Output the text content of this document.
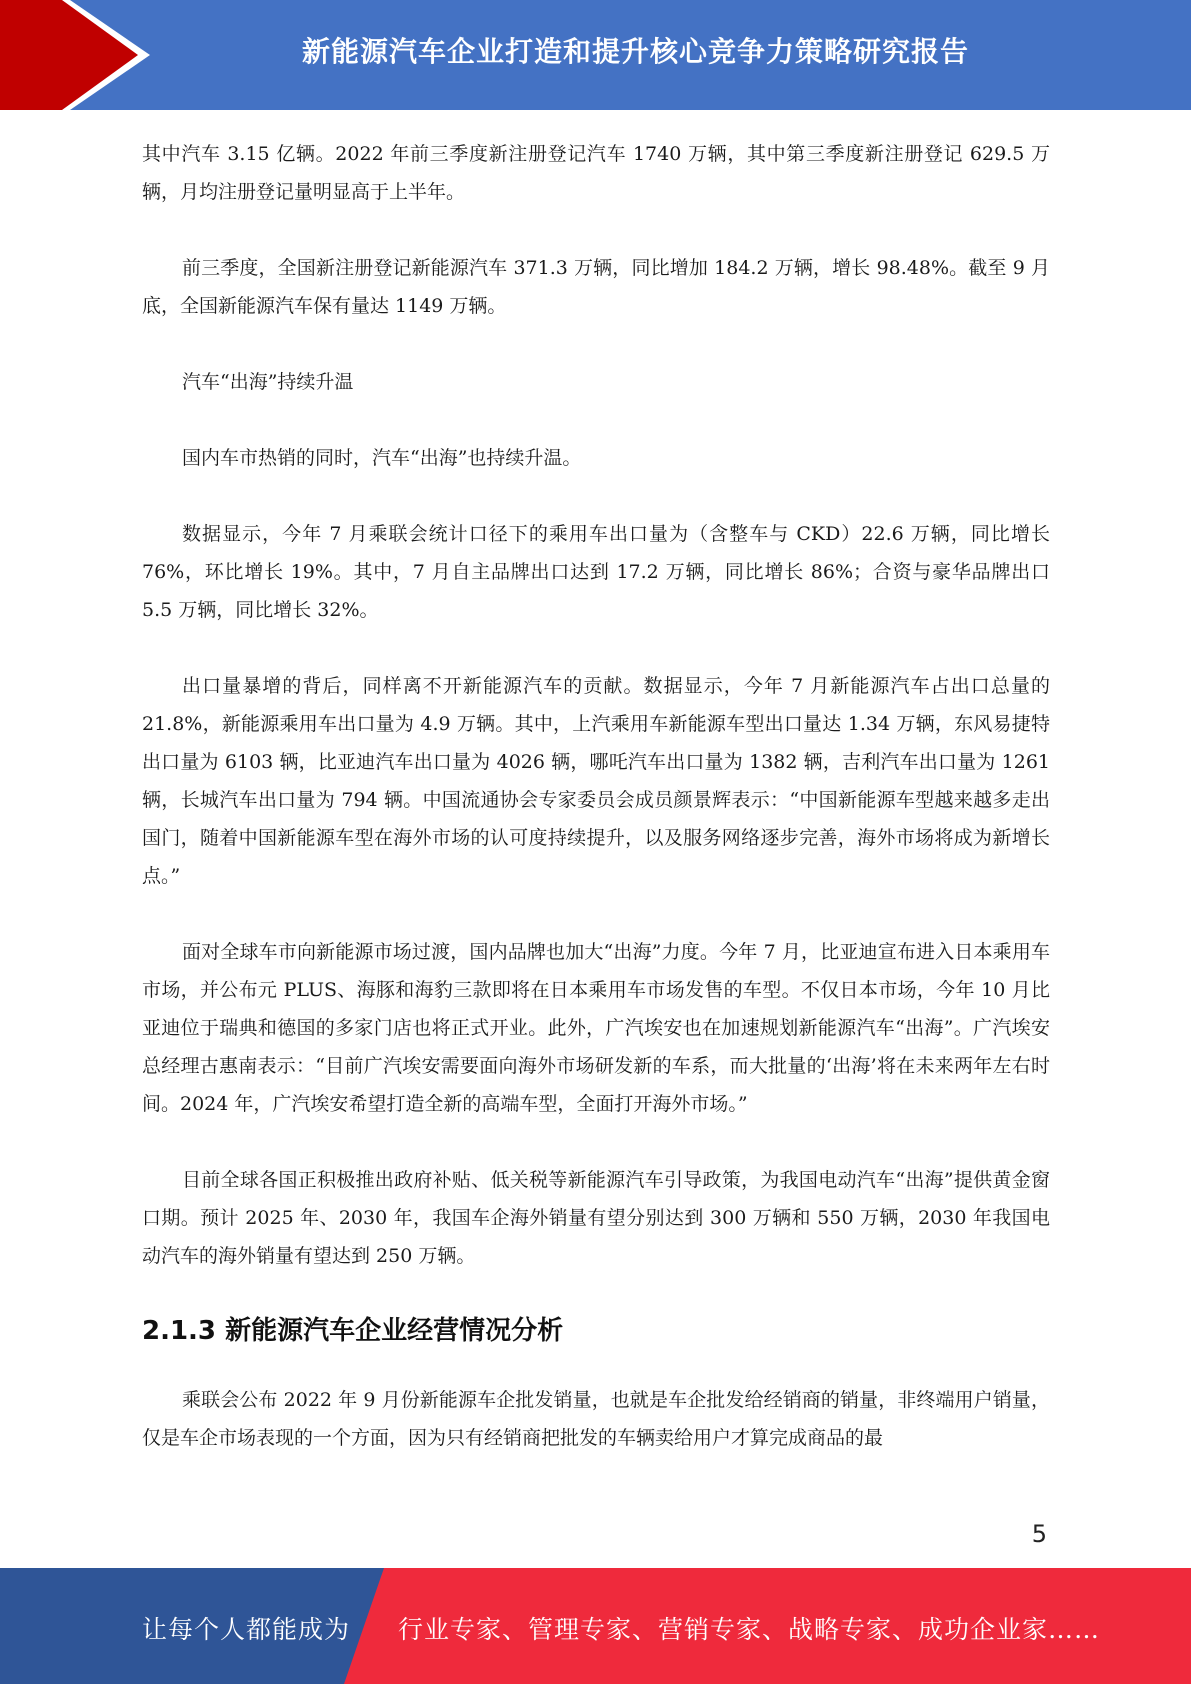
新能源汽车企业打造和提升核心竞争力策略研究报告

其中汽车 3.15 亿辆。2022 年前三季度新注册登记汽车 1740 万辆，其中第三季度新注册登记 629.5 万辆，月均注册登记量明显高于上半年。

前三季度，全国新注册登记新能源汽车 371.3 万辆，同比增加 184.2 万辆，增长 98.48%。截至 9 月底，全国新能源汽车保有量达 1149 万辆。

汽车“出海”持续升温

国内车市热销的同时，汽车“出海”也持续升温。

数据显示，今年 7 月乘联会统计口径下的乘用车出口量为（含整车与 CKD）22.6 万辆，同比增长 76%，环比增长 19%。其中，7 月自主品牌出口达到 17.2 万辆，同比增长 86%；合资与豪华品牌出口 5.5 万辆，同比增长 32%。

出口量暴增的背后，同样离不开新能源汽车的贡献。数据显示，今年 7 月新能源汽车占出口总量的 21.8%，新能源乘用车出口量为 4.9 万辆。其中，上汽乘用车新能源车型出口量达 1.34 万辆，东风易捷特出口量为 6103 辆，比亚迪汽车出口量为 4026 辆，哪吒汽车出口量为 1382 辆，吉利汽车出口量为 1261 辆，长城汽车出口量为 794 辆。中国流通协会专家委员会成员颜景辉表示：“中国新能源车型越来越多走出国门，随着中国新能源车型在海外市场的认可度持续提升，以及服务网络逐步完善，海外市场将成为新增长点。”

面对全球车市向新能源市场过渡，国内品牌也加大“出海”力度。今年 7 月，比亚迪宣布进入日本乘用车市场，并公布元 PLUS、海豚和海豹三款即将在日本乘用车市场发售的车型。不仅日本市场，今年 10 月比亚迪位于瑞典和德国的多家门店也将正式开业。此外，广汽埃安也在加速规划新能源汽车“出海”。广汽埃安总经理古惠南表示：“目前广汽埃安需要面向海外市场研发新的车系，而大批量的‘出海’将在未来两年左右时间。2024 年，广汽埃安希望打造全新的高端车型，全面打开海外市场。”

目前全球各国正积极推出政府补贴、低关税等新能源汽车引导政策，为我国电动汽车“出海”提供黄金窗口期。预计 2025 年、2030 年，我国车企海外销量有望分别达到 300 万辆和 550 万辆，2030 年我国电动汽车的海外销量有望达到 250 万辆。

2.1.3 新能源汽车企业经营情况分析

乘联会公布 2022 年 9 月份新能源车企批发销量，也就是车企批发给经销商的销量，非终端用户销量，仅是车企市场表现的一个方面，因为只有经销商把批发的车辆卖给用户才算完成商品的最

5
让每个人都能成为 行业专家、管理专家、营销专家、战略专家、成功企业家……
